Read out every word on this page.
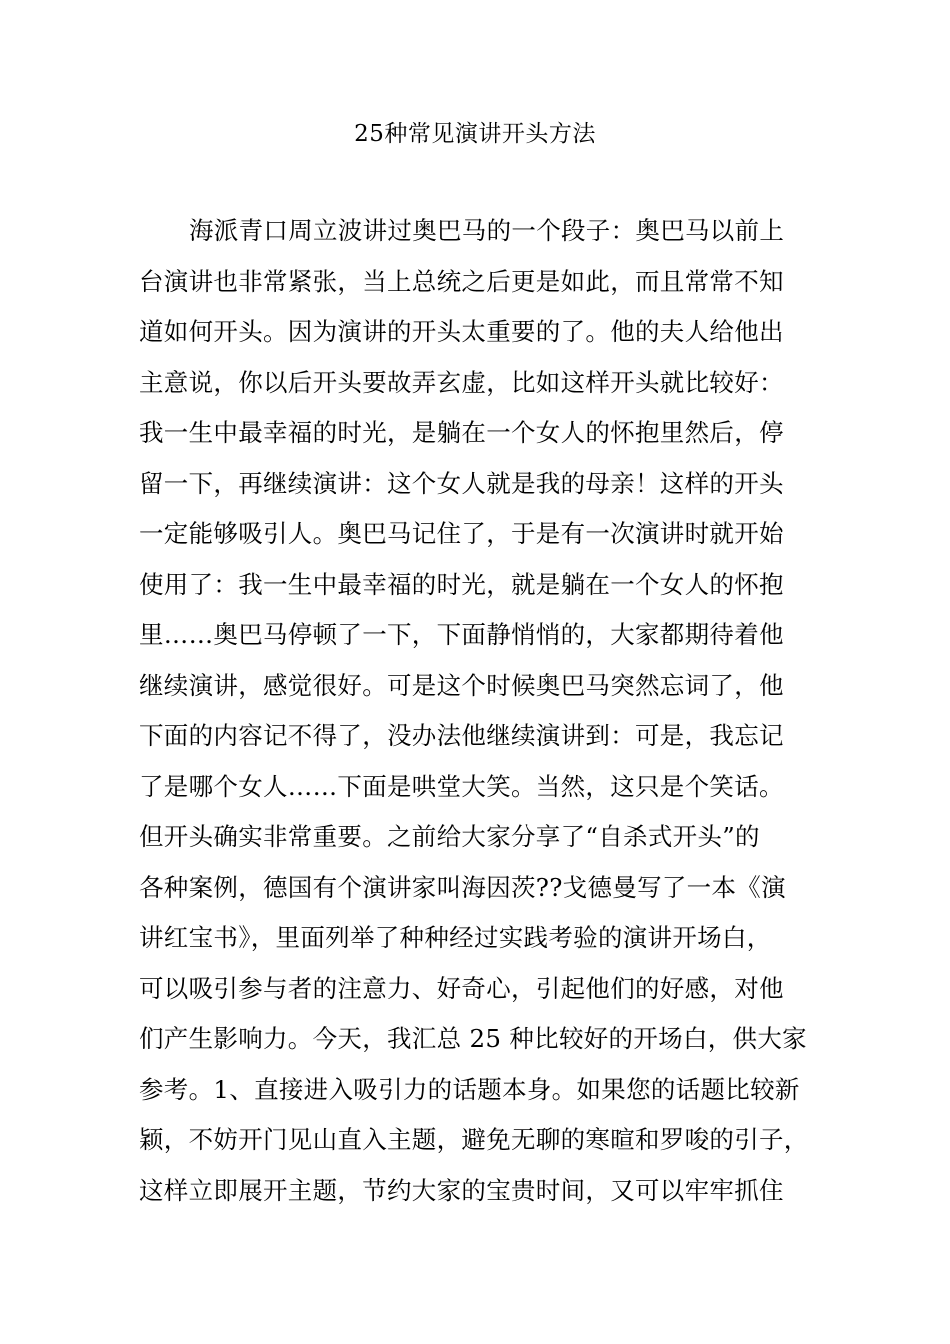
25种常见演讲开头方法
海派青口周立波讲过奥巴马的一个段子：奥巴马以前上
台演讲也非常紧张，当上总统之后更是如此，而且常常不知
道如何开头。因为演讲的开头太重要的了。他的夫人给他出
主意说，你以后开头要故弄玄虚，比如这样开头就比较好：
我一生中最幸福的时光，是躺在一个女人的怀抱里然后，停
留一下，再继续演讲：这个女人就是我的母亲！这样的开头
一定能够吸引人。奥巴马记住了，于是有一次演讲时就开始
使用了：我一生中最幸福的时光，就是躺在一个女人的怀抱
里……奥巴马停顿了一下，下面静悄悄的，大家都期待着他
继续演讲，感觉很好。可是这个时候奥巴马突然忘词了，他
下面的内容记不得了，没办法他继续演讲到：可是，我忘记
了是哪个女人……下面是哄堂大笑。当然，这只是个笑话。
但开头确实非常重要。之前给大家分享了“自杀式开头”的
各种案例，德国有个演讲家叫海因茨??戈德曼写了一本《演
讲红宝书》，里面列举了种种经过实践考验的演讲开场白，
可以吸引参与者的注意力、好奇心，引起他们的好感，对他
们产生影响力。今天，我汇总 25 种比较好的开场白，供大家
参考。1、直接进入吸引力的话题本身。如果您的话题比较新
颖，不妨开门见山直入主题，避免无聊的寒暄和罗唆的引子，
这样立即展开主题，节约大家的宝贵时间，又可以牢牢抓住
